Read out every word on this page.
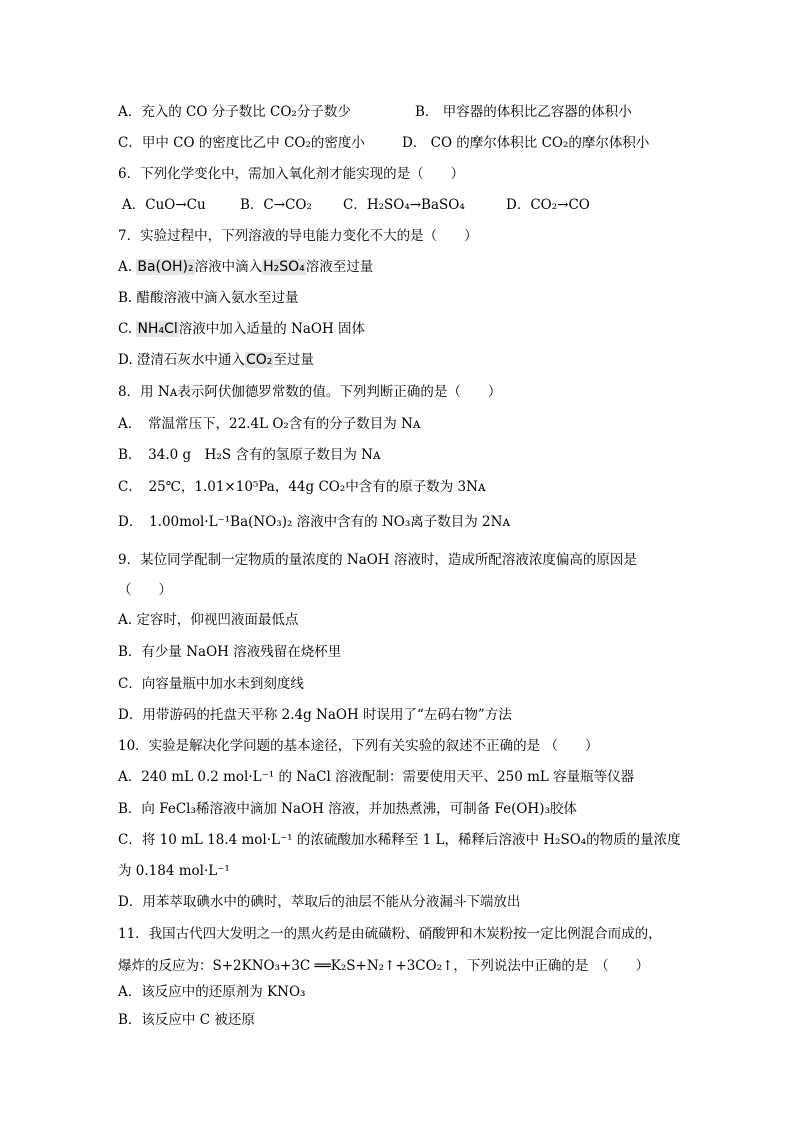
A．充入的 CO 分子数比 CO₂分子数少	B． 甲容器的体积比乙容器的体积小
C．甲中 CO 的密度比乙中 CO₂的密度小	D． CO 的摩尔体积比 CO₂的摩尔体积小
6．下列化学变化中，需加入氧化剂才能实现的是（　　）
A．CuO→Cu	B．C→CO₂ C．H₂SO₄→BaSO₄	D．CO₂→CO
7．实验过程中，下列溶液的导电能力变化不大的是（　　）
A. Ba(OH)₂溶液中滴入H₂SO₄溶液至过量
B. 醋酸溶液中滴入氨水至过量
C. NH₄Cl溶液中加入适量的 NaOH 固体
D. 澄清石灰水中通入CO₂至过量
8．用 Nᴀ表示阿伏伽德罗常数的值。下列判断正确的是（　　）
A．　常温常压下，22.4L O₂含有的分子数目为 Nᴀ
B．　34.0 g　H₂S 含有的氢原子数目为 Nᴀ
C．　25℃，1.01×10⁵Pa，44g CO₂中含有的原子数为 3Nᴀ
D．　1.00mol·L⁻¹Ba(NO₃)₂ 溶液中含有的 NO₃离子数目为 2Nᴀ
9．某位同学配制一定物质的量浓度的 NaOH 溶液时，造成所配溶液浓度偏高的原因是
（　　）
A. 定容时，仰视凹液面最低点
B．有少量 NaOH 溶液残留在烧杯里
C．向容量瓶中加水未到刻度线
D．用带游码的托盘天平称 2.4g NaOH 时误用了“左码右物”方法
10．实验是解决化学问题的基本途径，下列有关实验的叙述不正确的是 （　　）
A．240 mL 0.2 mol·L⁻¹ 的 NaCl 溶液配制：需要使用天平、250 mL 容量瓶等仪器
B．向 FeCl₃稀溶液中滴加 NaOH 溶液，并加热煮沸，可制备 Fe(OH)₃胶体
C．将 10 mL 18.4 mol·L⁻¹ 的浓硫酸加水稀释至 1 L，稀释后溶液中 H₂SO₄的物质的量浓度
为 0.184 mol·L⁻¹
D．用苯萃取碘水中的碘时，萃取后的油层不能从分液漏斗下端放出
11．我国古代四大发明之一的黑火药是由硫磺粉、硝酸钾和木炭粉按一定比例混合而成的，
爆炸的反应为：S+2KNO₃+3C ══K₂S+N₂↑+3CO₂↑，下列说法中正确的是　（　　）
A．该反应中的还原剂为 KNO₃
B．该反应中 C 被还原
